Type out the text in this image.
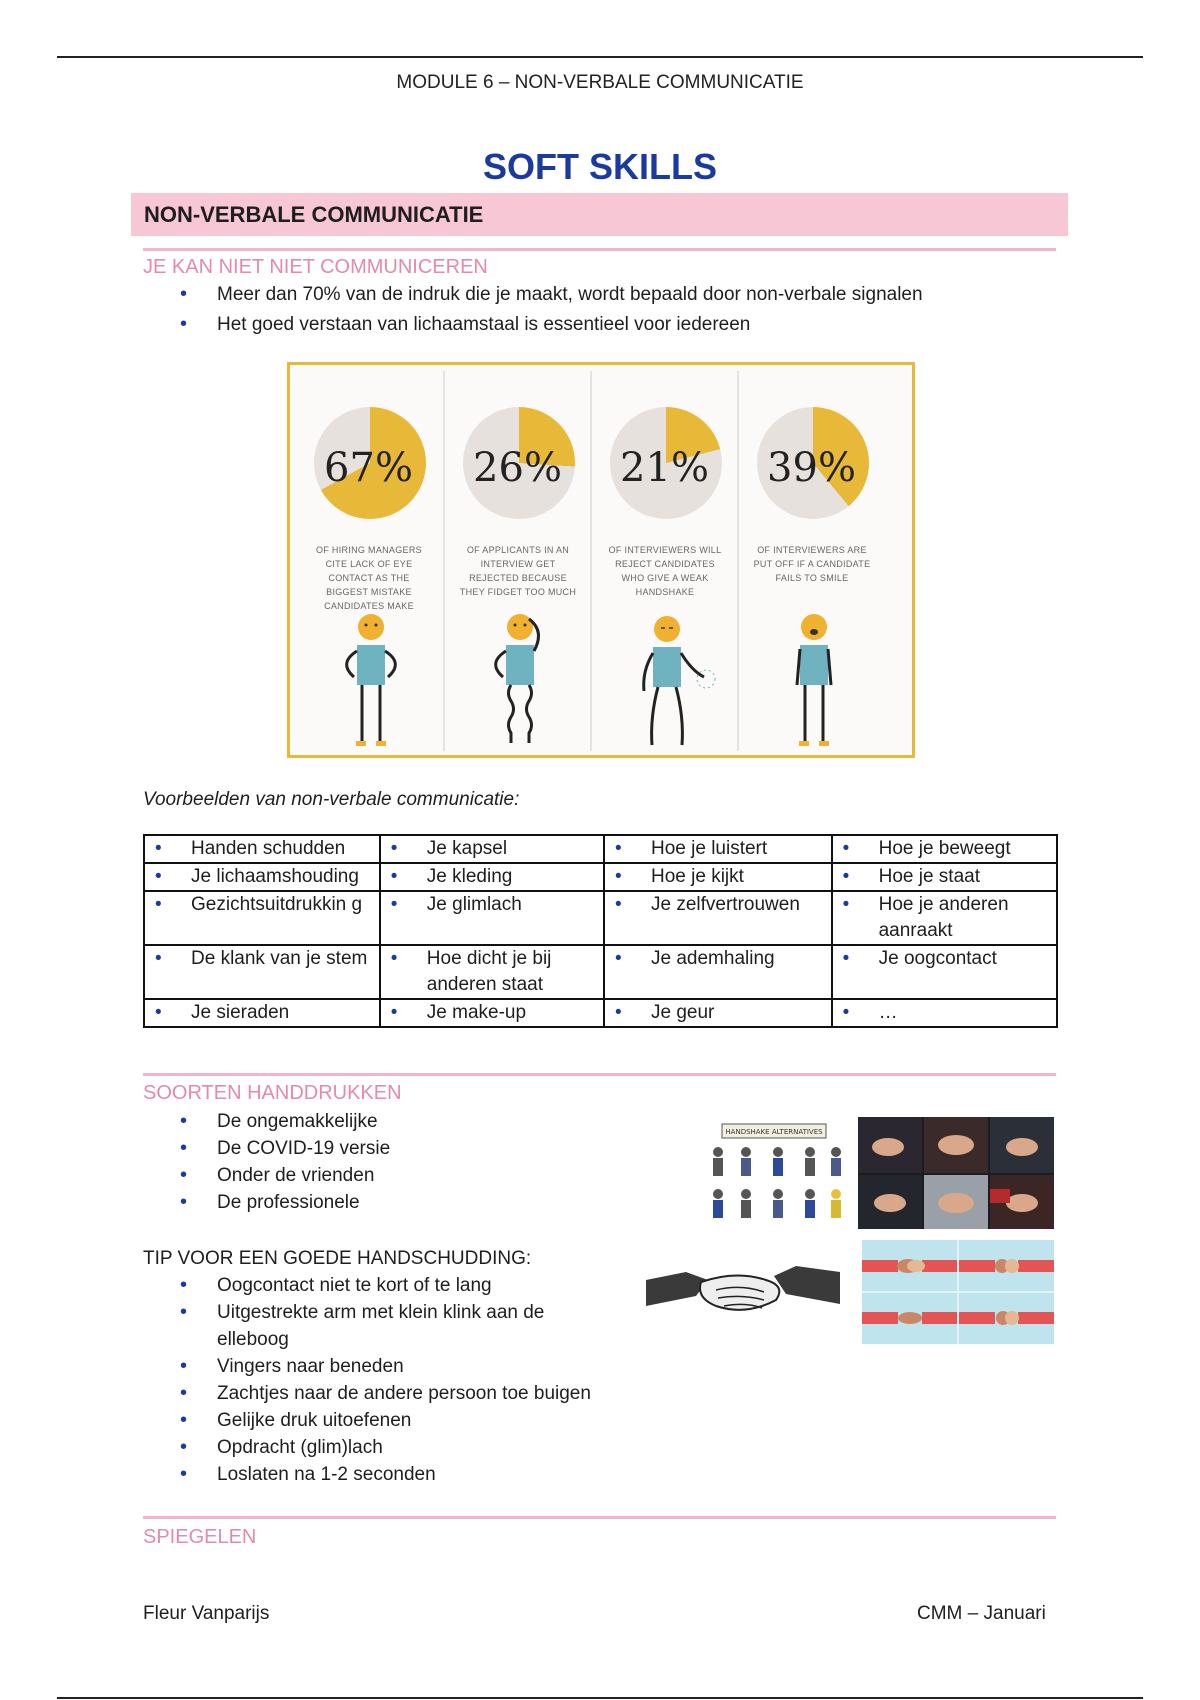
MODULE 6 – NON-VERBALE COMMUNICATIE
SOFT SKILLS
NON-VERBALE COMMUNICATIE
JE KAN NIET NIET COMMUNICEREN
• Meer dan 70% van de indruk die je maakt, wordt bepaald door non-verbale signalen
• Het goed verstaan van lichaamstaal is essentieel voor iedereen
67%
OF HIRING MANAGERS CITE LACK OF EYE CONTACT AS THE BIGGEST MISTAKE CANDIDATES MAKE
26%
OF APPLICANTS IN AN INTERVIEW GET REJECTED BECAUSE THEY FIDGET TOO MUCH
21%
OF INTERVIEWERS WILL REJECT CANDIDATES WHO GIVE A WEAK HANDSHAKE
39%
OF INTERVIEWERS ARE PUT OFF IF A CANDIDATE FAILS TO SMILE
Voorbeelden van non-verbale communicatie:
• Handen schudden	• Je kapsel	• Hoe je luistert	• Hoe je beweegt

• Je lichaamshouding	• Je kleding	• Hoe je kijkt	• Hoe je staat

• Gezichtsuitdrukkin g	• Je glimlach	• Je zelfvertrouwen	• Hoe je anderen aanraakt

• De klank van je stem	• Hoe dicht je bij anderen staat	• Je ademhaling	• Je oogcontact

• Je sieraden	• Je make-up	• Je geur	• …
SOORTEN HANDDRUKKEN
• De ongemakkelijke
• De COVID-19 versie
• Onder de vrienden
• De professionele
TIP VOOR EEN GOEDE HANDSCHUDDING:
• Oogcontact niet te kort of te lang
• Uitgestrekte arm met klein klink aan de elleboog
• Vingers naar beneden
• Zachtjes naar de andere persoon toe buigen
• Gelijke druk uitoefenen
• Opdracht (glim)lach
• Loslaten na 1-2 seconden
HANDSHAKE ALTERNATIVES
SPIEGELEN
Fleur Vanparijs	CMM – Januari
